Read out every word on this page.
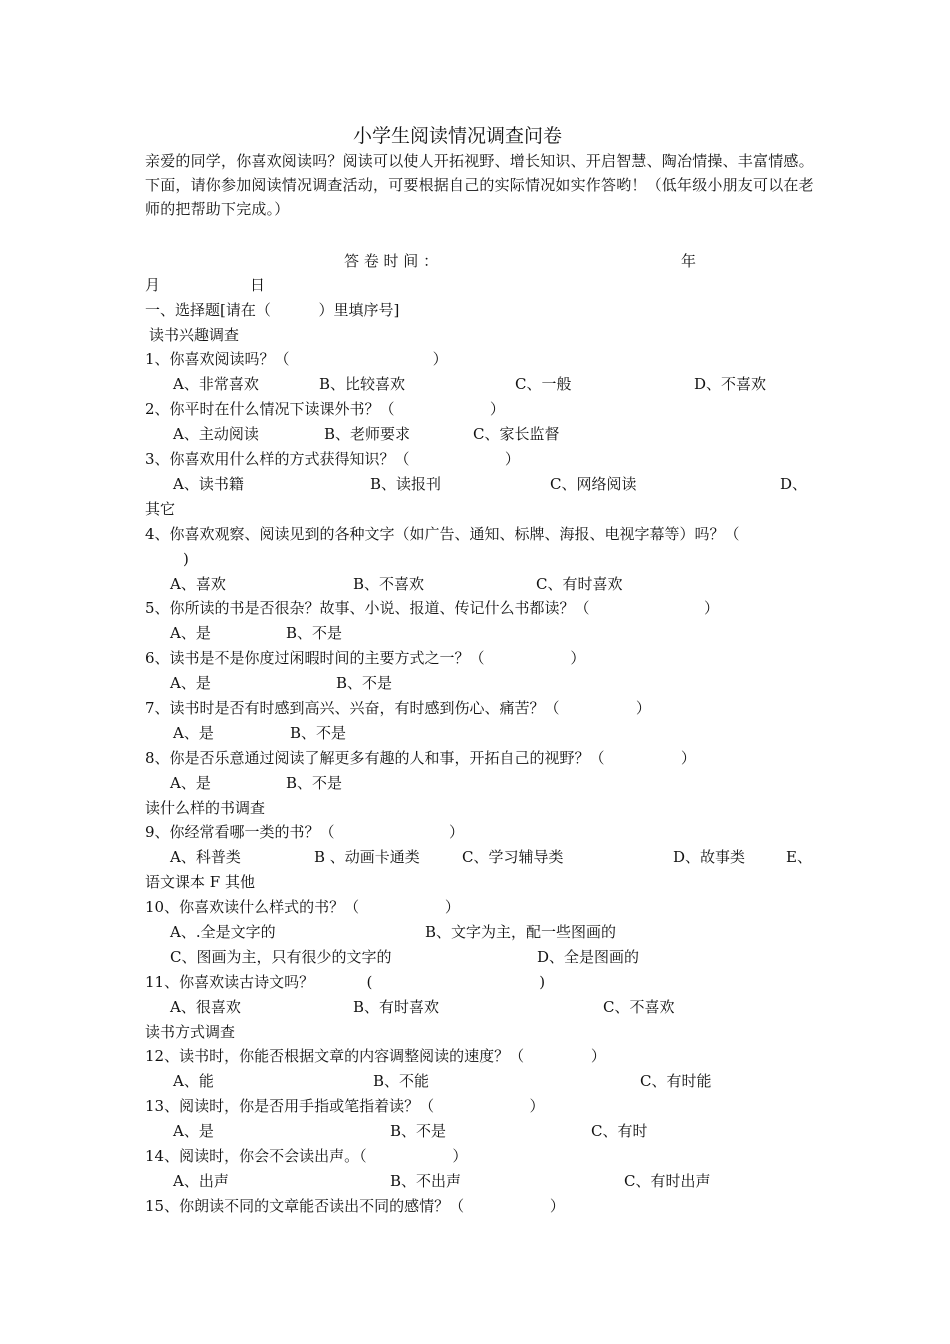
小学生阅读情况调查问卷
亲爱的同学，你喜欢阅读吗？阅读可以使人开拓视野、增长知识、开启智慧、陶冶情操、丰富情感。下面，请你参加阅读情况调查活动，可要根据自己的实际情况如实作答哟！（低年级小朋友可以在老师的把帮助下完成。）
答 卷 时 间 ：	年
月	日
一、选择题[请在（          ）里填序号]
读书兴趣调查
1、你喜欢阅读吗？（                              ）
A、非常喜欢	B、比较喜欢	C、一般	D、不喜欢
2、你平时在什么情况下读课外书？（                    ）
A、主动阅读	B、老师要求	C、家长监督
3、你喜欢用什么样的方式获得知识？（                    ）
A、读书籍	B、读报刊	C、网络阅读	D、
其它
4、你喜欢观察、阅读见到的各种文字（如广告、通知、标牌、海报、电视字幕等）吗？（
)
A、喜欢	B、不喜欢	C、有时喜欢
5、你所读的书是否很杂？故事、小说、报道、传记什么书都读？（                        ）
A、是	B、不是
6、读书是不是你度过闲暇时间的主要方式之一？（                  ）
A、是	B、不是
7、读书时是否有时感到高兴、兴奋，有时感到伤心、痛苦？（                ）
A、是	B、不是
8、你是否乐意通过阅读了解更多有趣的人和事，开拓自己的视野？（                ）
A、是	B、不是
读什么样的书调查
9、你经常看哪一类的书？（                        ）
A、科普类	B 、动画卡通类	C、学习辅导类	D、故事类	E、
语文课本 F 其他
10、你喜欢读什么样式的书？（                  ）
A、.全是文字的	B、文字为主，配一些图画的
C、图画为主，只有很少的文字的	D、全是图画的
11、你喜欢读古诗文吗？           (                                   )
A、很喜欢	B、有时喜欢	C、不喜欢
读书方式调查
12、读书时，你能否根据文章的内容调整阅读的速度？（              ）
A、能	B、不能	C、有时能
13、阅读时，你是否用手指或笔指着读？（                    ）
A、是	B、不是	C、有时
14、阅读时，你会不会读出声。（                  ）
A、出声	B、不出声	C、有时出声
15、你朗读不同的文章能否读出不同的感情？（                  ）
